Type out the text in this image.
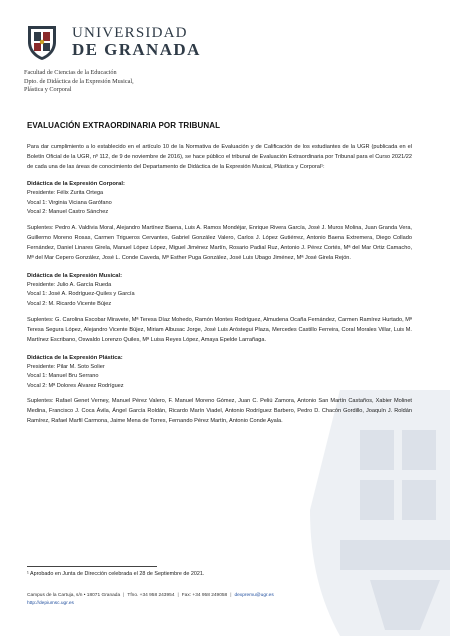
UNIVERSIDAD
DE GRANADA
Facultad de Ciencias de la Educación
Dpto. de Didáctica de la Expresión Musical,
Plástica y Corporal
EVALUACIÓN EXTRAORDINARIA POR TRIBUNAL

Para dar cumplimiento a lo establecido en el artículo 10 de la Normativa de Evaluación y de Calificación de los estudiantes de la UGR (publicada en el Boletín Oficial de la UGR, nº 112, de 9 de noviembre de 2016), se hace público el tribunal de Evaluación Extraordinaria por Tribunal para el Curso 2021/22 de cada una de las áreas de conocimiento del Departamento de Didáctica de la Expresión Musical, Plástica y Corporal¹:

Didáctica de la Expresión Corporal:
Presidente: Félix Zurita Ortega
Vocal 1: Virginia Viciana Garófano
Vocal 2: Manuel Castro Sánchez

Suplentes: Pedro A. Valdivia Moral, Alejandro Martínez Baena, Luis A. Ramos Mondéjar, Enrique Rivera García, José J. Muros Molina, Juan Granda Vera, Guillermo Moreno Rosas, Carmen Trigueros Cervantes, Gabriel González Valero, Carlos J. López Gutiérrez, Antonio Baena Extremera, Diego Collado Fernández, Daniel Linares Girela, Manuel López López, Miguel Jiménez Martín, Rosario Padial Ruz, Antonio J. Pérez Cortés, Mª del Mar Ortiz Camacho, Mª del Mar Cepero González, José L. Conde Caveda, Mª Esther Puga González, José Luis Ubago Jiménez, Mª José Girela Rejón.

Didáctica de la Expresión Musical:
Presidente: Julio A. García Rueda
Vocal 1: José A. Rodríguez-Quiles y García
Vocal 2: M. Ricardo Vicente Bújez

Suplentes: G. Carolina Escobar Miravete, Mª Teresa Díaz Mohedo, Ramón Montes Rodríguez, Almudena Ocaña Fernández, Carmen Ramírez Hurtado, Mª Teresa Segura López, Alejandro Vicente Bújez, Miriam Albusac Jorge, José Luis Aróstegui Plaza, Mercedes Castillo Ferreira, Coral Morales Villar, Luis M. Martínez Escribano, Oswaldo Lorenzo Quiles, Mª Luisa Reyes López, Amaya Epelde Larrañaga.

Didáctica de la Expresión Plástica:
Presidente: Pilar M. Soto Solier
Vocal 1: Manuel Bru Serrano
Vocal 2: Mª Dolores Álvarez Rodríguez

Suplentes: Rafael Genet Verney, Manuel Pérez Valero, F. Manuel Moreno Gómez, Juan C. Peliú Zamora, Antonio San Martín Castaños, Xabier Molinet Medina, Francisco J. Coca Ávila, Ángel García Roldán, Ricardo Marín Viadel, Antonio Rodríguez Barbero, Pedro D. Chacón Gordillo, Joaquín J. Roldán Ramírez, Rafael Marfil Carmona, Jaime Mena de Torres, Fernando Pérez Martín, Antonio Conde Ayala.

¹ Aprobado en Junta de Dirección celebrada el 28 de Septiembre de 2021.
Campus de la Cartuja, s/n • 18071 Granada | Tfno. +34 958 243954 | Fax: +34 958 249058 | dexpremu@ugr.es
http://depiumsc.ugr.es
